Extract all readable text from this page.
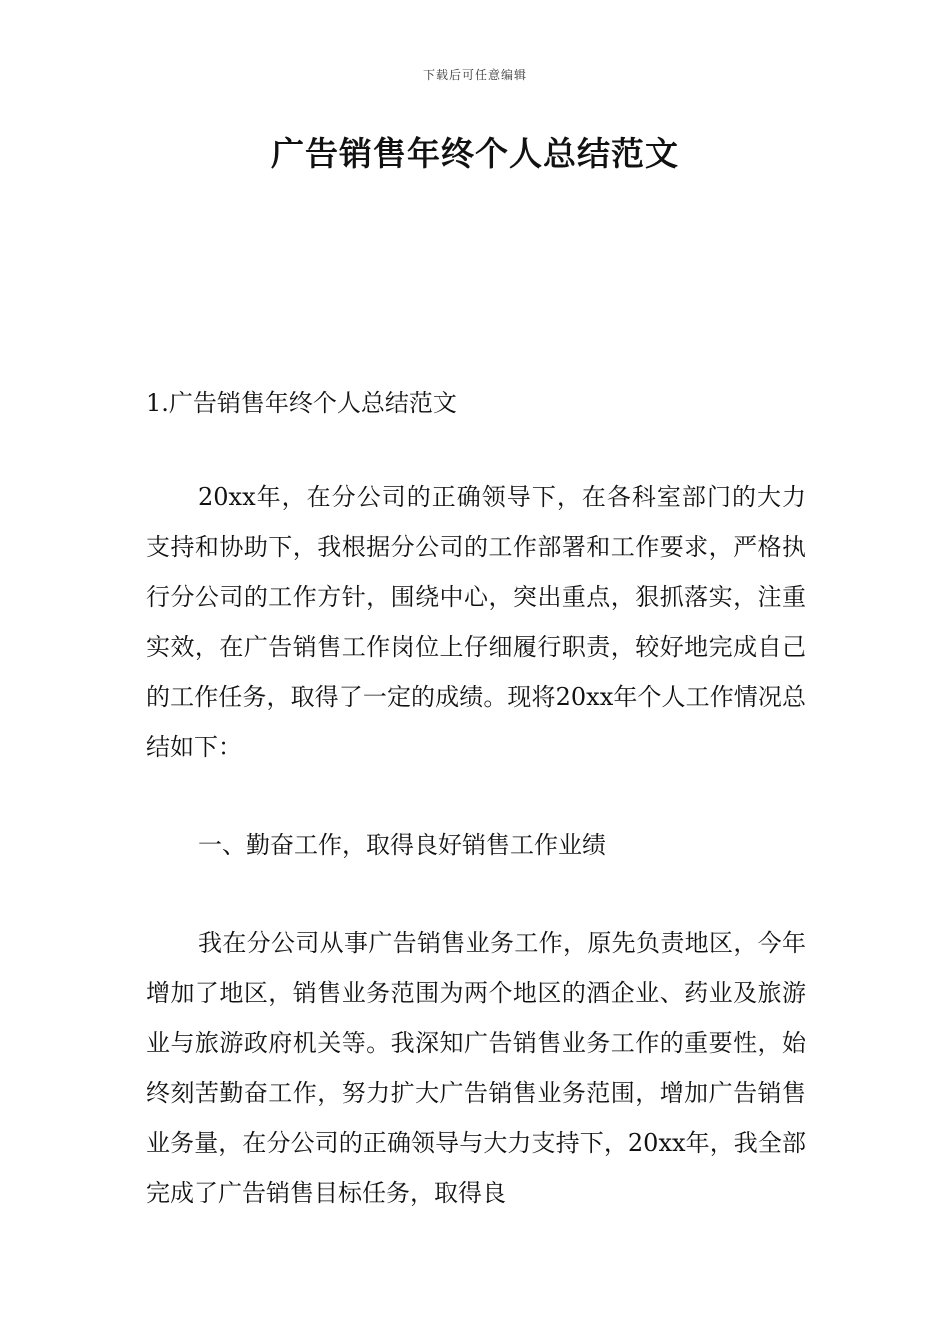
下载后可任意编辑
广告销售年终个人总结范文

1.广告销售年终个人总结范文

20xx年，在分公司的正确领导下，在各科室部门的大力支持和协助下，我根据分公司的工作部署和工作要求，严格执行分公司的工作方针，围绕中心，突出重点，狠抓落实，注重实效，在广告销售工作岗位上仔细履行职责，较好地完成自己的工作任务，取得了一定的成绩。现将20xx年个人工作情况总结如下：

一、勤奋工作，取得良好销售工作业绩

我在分公司从事广告销售业务工作，原先负责地区，今年增加了地区，销售业务范围为两个地区的酒企业、药业及旅游业与旅游政府机关等。我深知广告销售业务工作的重要性，始终刻苦勤奋工作，努力扩大广告销售业务范围，增加广告销售业务量，在分公司的正确领导与大力支持下，20xx年，我全部完成了广告销售目标任务，取得良
